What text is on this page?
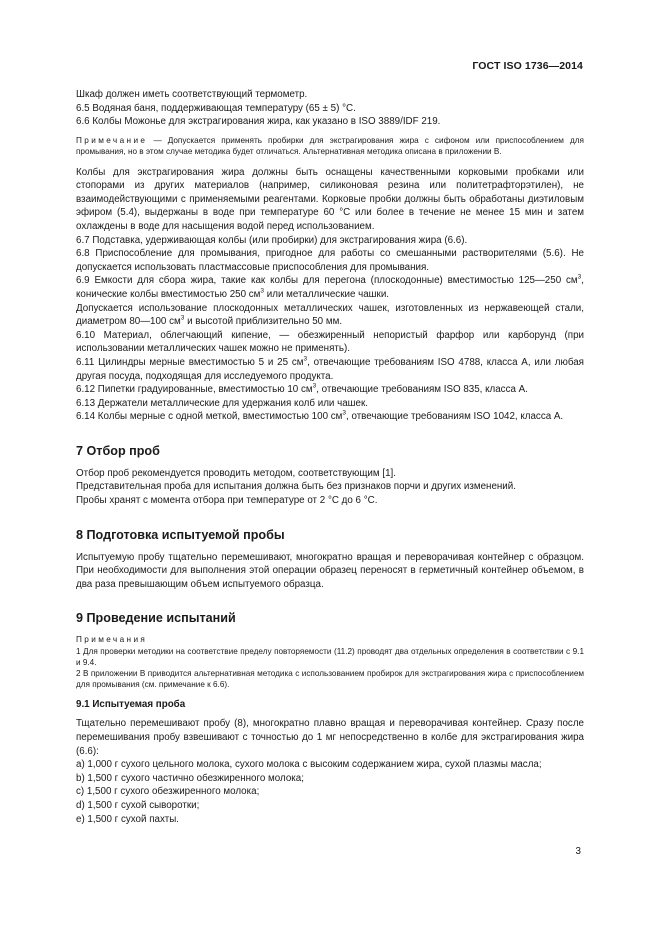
ГОСТ ISO 1736—2014

Шкаф должен иметь соответствующий термометр.

6.5 Водяная баня, поддерживающая температуру (65 ± 5) °С.

6.6 Колбы Можонье для экстрагирования жира, как указано в ISO 3889/IDF 219.

Примечание — Допускается применять пробирки для экстрагирования жира с сифоном или приспособлением для промывания, но в этом случае методика будет отличаться. Альтернативная методика описана в приложении В.

Колбы для экстрагирования жира должны быть оснащены качественными корковыми пробками или стопорами из других материалов (например, силиконовая резина или политетрафторэтилен), не взаимодействующими с применяемыми реагентами. Корковые пробки должны быть обработаны диэтиловым эфиром (5.4), выдержаны в воде при температуре 60 °С или более в течение не менее 15 мин и затем охлаждены в воде для насыщения водой перед использованием.

6.7 Подставка, удерживающая колбы (или пробирки) для экстрагирования жира (6.6).

6.8 Приспособление для промывания, пригодное для работы со смешанными растворителями (5.6). Не допускается использовать пластмассовые приспособления для промывания.

6.9 Емкости для сбора жира, такие как колбы для перегона (плоскодонные) вместимостью 125—250 $см^3$, конические колбы вместимостью 250 $см^3$ или металлические чашки.

Допускается использование плоскодонных металлических чашек, изготовленных из нержавеющей стали, диаметром 80—100 $см^3$ и высотой приблизительно 50 мм.

6.10 Материал, облегчающий кипение, — обезжиренный непористый фарфор или карборунд (при использовании металлических чашек можно не применять).

6.11 Цилиндры мерные вместимостью 5 и 25 $см^3$, отвечающие требованиям ISO 4788, класса А, или любая другая посуда, подходящая для исследуемого продукта.

6.12 Пипетки градуированные, вместимостью 10 $см^3$, отвечающие требованиям ISO 835, класса А.

6.13 Держатели металлические для удержания колб или чашек.

6.14 Колбы мерные с одной меткой, вместимостью 100 $см^3$, отвечающие требованиям ISO 1042, класса А.

7 Отбор проб

Отбор проб рекомендуется проводить методом, соответствующим [1].

Представительная проба для испытания должна быть без признаков порчи и других изменений.

Пробы хранят с момента отбора при температуре от 2 °С до 6 °С.

8 Подготовка испытуемой пробы

Испытуемую пробу тщательно перемешивают, многократно вращая и переворачивая контейнер с образцом. При необходимости для выполнения этой операции образец переносят в герметичный контейнер объемом, в два раза превышающим объем испытуемого образца.

9 Проведение испытаний

Примечания

1 Для проверки методики на соответствие пределу повторяемости (11.2) проводят два отдельных определения в соответствии с 9.1 и 9.4.

2 В приложении В приводится альтернативная методика с использованием пробирок для экстрагирования жира с приспособлением для промывания (см. примечание к 6.6).

9.1 Испытуемая проба

Тщательно перемешивают пробу (8), многократно плавно вращая и переворачивая контейнер. Сразу после перемешивания пробу взвешивают с точностью до 1 мг непосредственно в колбе для экстрагирования жира (6.6):

a) 1,000 г сухого цельного молока, сухого молока с высоким содержанием жира, сухой плазмы масла;
b) 1,500 г сухого частично обезжиренного молока;
c) 1,500 г сухого обезжиренного молока;
d) 1,500 г сухой сыворотки;
e) 1,500 г сухой пахты.
3
